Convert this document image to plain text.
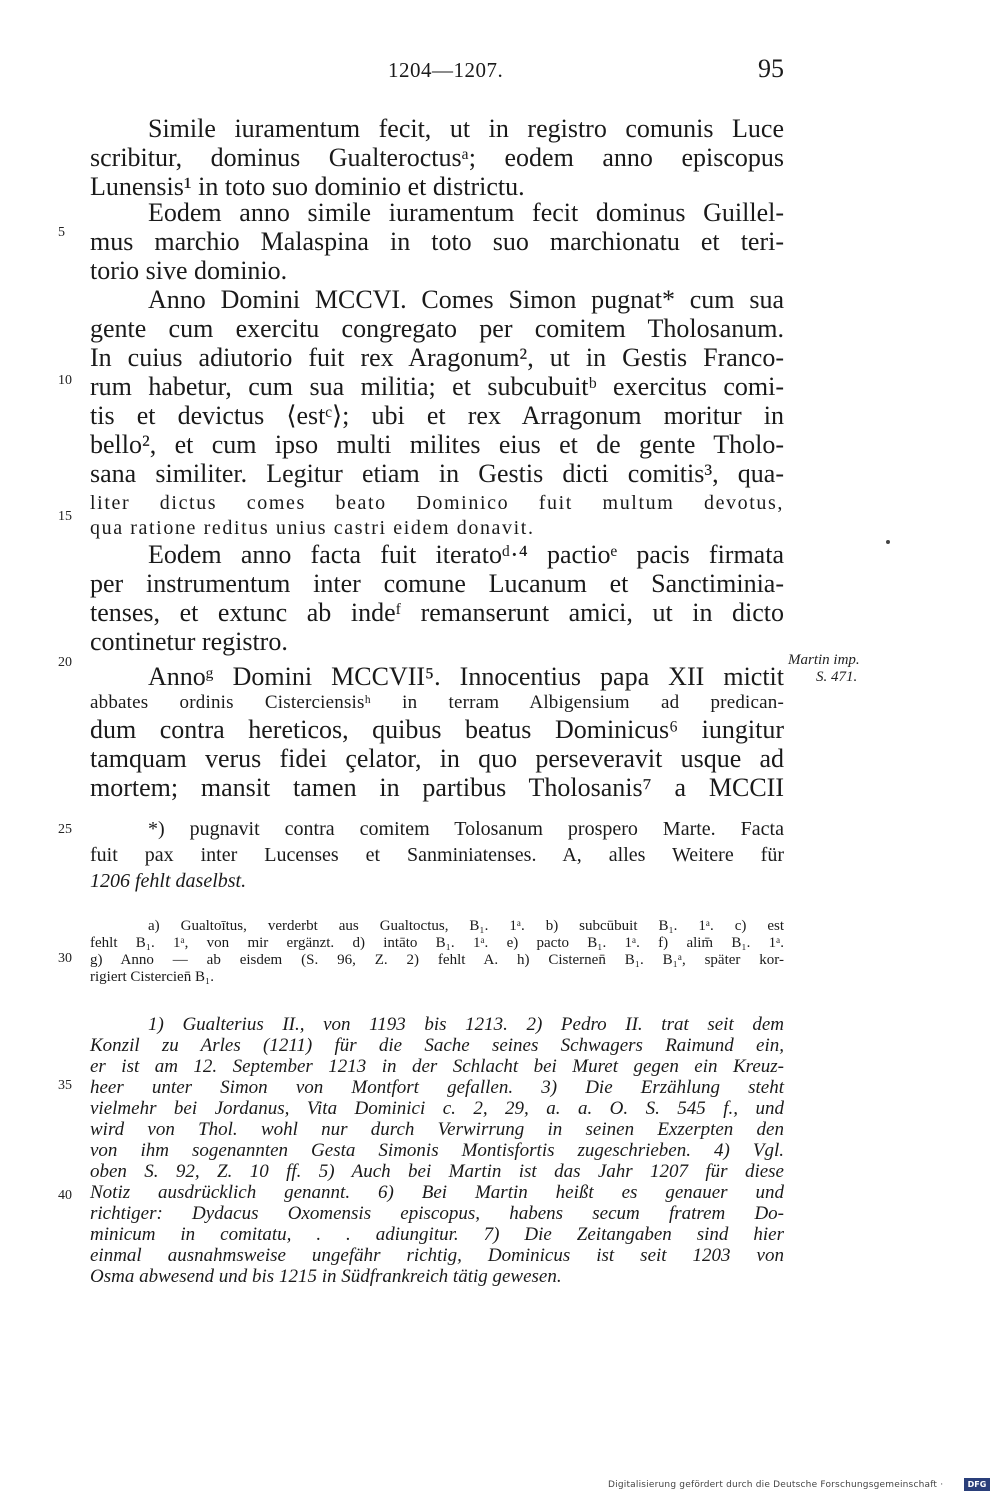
1204—1207.	95
Simile iuramentum fecit, ut in registro comunis Luce
scribitur, dominus Gualteroctusᵃ; eodem anno episcopus
Lunensis¹ in toto suo dominio et districtu.
Eodem anno simile iuramentum fecit dominus Guillel-
mus marchio Malaspina in toto suo marchionatu et teri-
torio sive dominio.
Anno Domini MCCVI. Comes Simon pugnat* cum sua
gente cum exercitu congregato per comitem Tholosanum.
In cuius adiutorio fuit rex Aragonum², ut in Gestis Franco-
rum habetur, cum sua militia; et subcubuitᵇ exercitus comi-
tis et devictus ⟨estᶜ⟩; ubi et rex Arragonum moritur in
bello², et cum ipso multi milites eius et de gente Tholo-
sana similiter. Legitur etiam in Gestis dicti comitis³, qua-
liter dictus comes beato Dominico fuit multum devotus,
qua ratione reditus unius castri eidem donavit.
Eodem anno facta fuit iteratoᵈ·⁴ pactioᵉ pacis firmata
per instrumentum inter comune Lucanum et Sanctiminia-
tenses, et extunc ab indeᶠ remanserunt amici, ut in dicto
continetur registro.
Annoᵍ Domini MCCVII⁵. Innocentius papa XII mictit
abbates ordinis Cisterciensisʰ in terram Albigensium ad predican-
dum contra hereticos, quibus beatus Dominicus⁶ iungitur
tamquam verus fidei çelator, in quo perseveravit usque ad
mortem; mansit tamen in partibus Tholosanis⁷ a MCCII
5
10
15
20
25
30
35
40
Martin imp.
S. 471.
*) pugnavit contra comitem Tolosanum prospero Marte. Facta
fuit pax inter Lucenses et Sanminiatenses. A, alles Weitere für
1206 fehlt daselbst.
a) Gualtoītus, verderbt aus Gualtoctus, B₁. 1ᵃ. b) subcūbuit B₁. 1ᵃ. c) est
fehlt B₁. 1ᵃ, von mir ergänzt. d) intāto B₁. 1ᵃ. e) pacto B₁. 1ᵃ. f) alim̄ B₁. 1ᵃ.
g) Anno — ab eisdem (S. 96, Z. 2) fehlt A. h) Cisternen̄ B₁. B₁ᵃ, später kor-
rigiert Cistercien̄ B₁.
1) Gualterius II., von 1193 bis 1213. 2) Pedro II. trat seit dem
Konzil zu Arles (1211) für die Sache seines Schwagers Raimund ein,
er ist am 12. September 1213 in der Schlacht bei Muret gegen ein Kreuz-
heer unter Simon von Montfort gefallen. 3) Die Erzählung steht
vielmehr bei Jordanus, Vita Dominici c. 2, 29, a. a. O. S. 545 f., und
wird von Thol. wohl nur durch Verwirrung in seinen Exzerpten den
von ihm sogenannten Gesta Simonis Montisfortis zugeschrieben. 4) Vgl.
oben S. 92, Z. 10 ff. 5) Auch bei Martin ist das Jahr 1207 für diese
Notiz ausdrücklich genannt. 6) Bei Martin heißt es genauer und
richtiger: Dydacus Oxomensis episcopus, habens secum fratrem Do-
minicum in comitatu, . . adiungitur. 7) Die Zeitangaben sind hier
einmal ausnahmsweise ungefähr richtig, Dominicus ist seit 1203 von
Osma abwesend und bis 1215 in Südfrankreich tätig gewesen.
Digitalisierung gefördert durch die Deutsche Forschungsgemeinschaft ·	DFG
